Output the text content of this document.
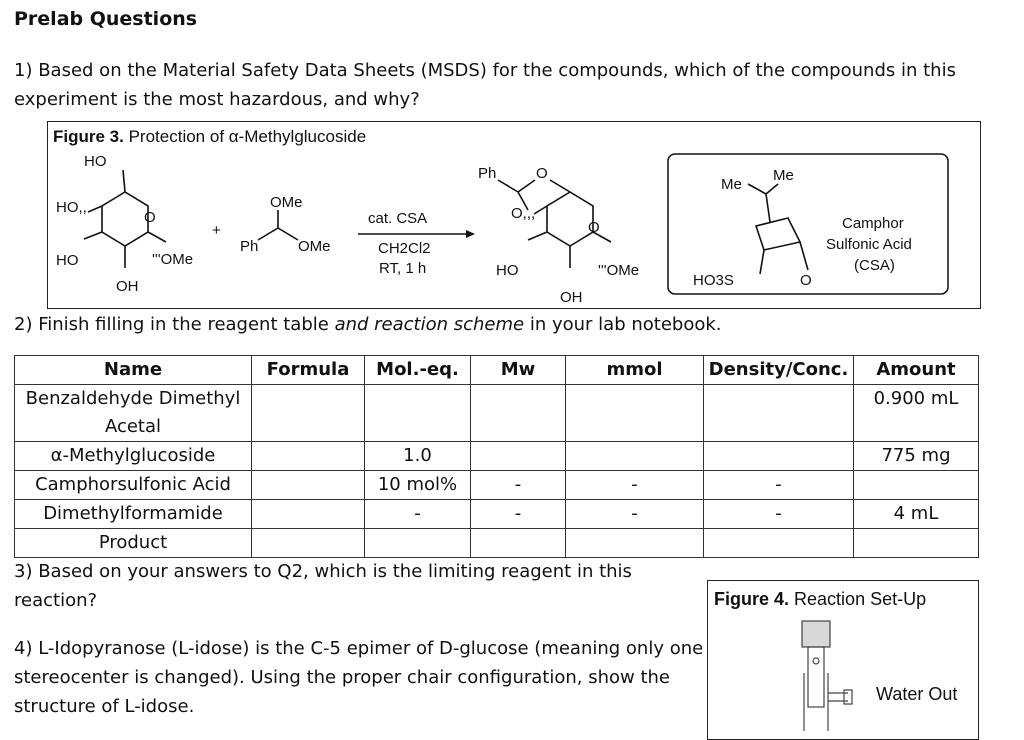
Prelab Questions
1) Based on the Material Safety Data Sheets (MSDS) for the compounds, which of the compounds in this experiment is the most hazardous, and why?
Figure 3. Protection of α-Methylglucoside
HO
HO,,
O
HO	'''OMe
OH
+
OMe
Ph	OMe
cat. CSA
CH2Cl2
RT, 1 h
Ph	O
O,,,
O
HO	'''OMe
OH
Me
Me
HO3S	O
Camphor
Sulfonic Acid
(CSA)
2) Finish filling in the reagent table and reaction scheme in your lab notebook.
Name	Formula	Mol.-eq.	Mw	mmol	Density/Conc.	Amount
Benzaldehyde Dimethyl Acetal						0.900 mL
α-Methylglucoside		1.0				775 mg
Camphorsulfonic Acid		10 mol%	-	-	-	
Dimethylformamide		-	-	-	-	4 mL
Product						
3) Based on your answers to Q2, which is the limiting reagent in this reaction?
4) L-Idopyranose (L-idose) is the C-5 epimer of D-glucose (meaning only one stereocenter is changed). Using the proper chair configuration, show the structure of L-idose.
Figure 4. Reaction Set-Up
Water Out
